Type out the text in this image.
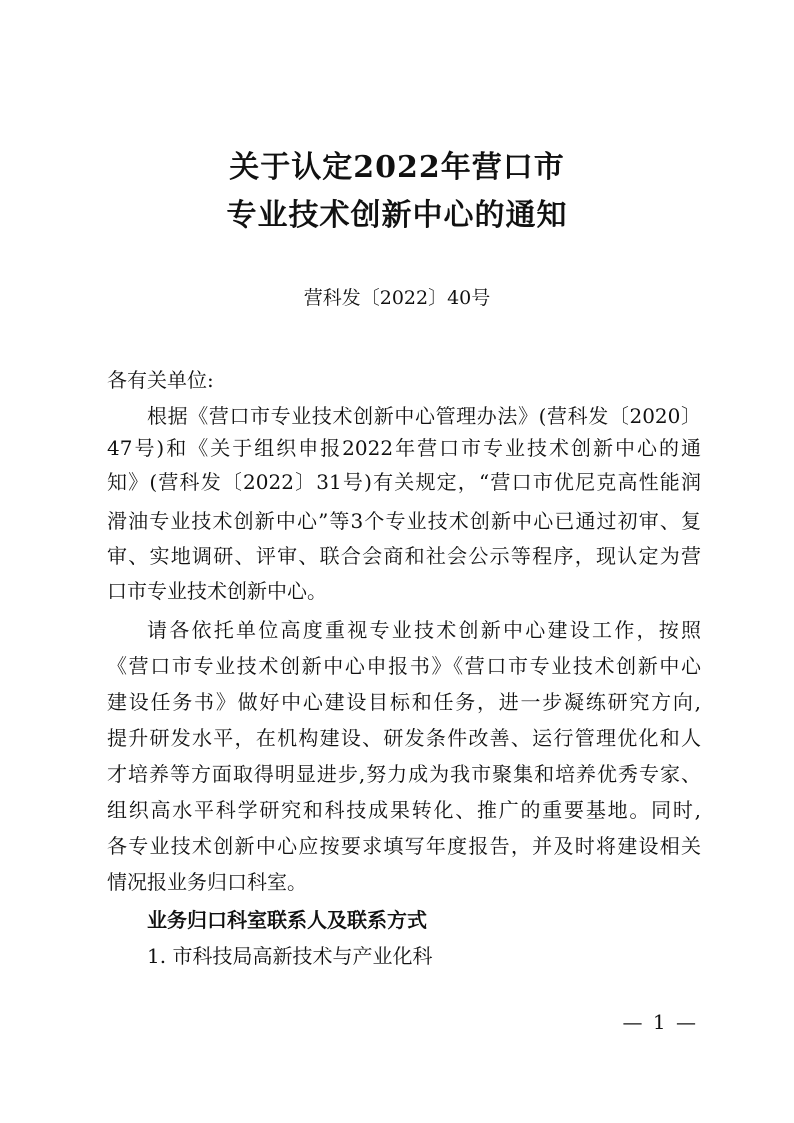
关于认定2022年营口市
专业技术创新中心的通知
营科发〔2022〕40号
各有关单位:
根据《营口市专业技术创新中心管理办法》(营科发〔2020〕
47号)和《关于组织申报2022年营口市专业技术创新中心的通
知》(营科发〔2022〕31号)有关规定，“营口市优尼克高性能润
滑油专业技术创新中心”等3个专业技术创新中心已通过初审、复
审、实地调研、评审、联合会商和社会公示等程序，现认定为营
口市专业技术创新中心。
请各依托单位高度重视专业技术创新中心建设工作，按照
《营口市专业技术创新中心申报书》《营口市专业技术创新中心
建设任务书》做好中心建设目标和任务，进一步凝练研究方向,
提升研发水平，在机构建设、研发条件改善、运行管理优化和人
才培养等方面取得明显进步,努力成为我市聚集和培养优秀专家、
组织高水平科学研究和科技成果转化、推广的重要基地。同时,
各专业技术创新中心应按要求填写年度报告，并及时将建设相关
情况报业务归口科室。
业务归口科室联系人及联系方式
1. 市科技局高新技术与产业化科
— 1 —
